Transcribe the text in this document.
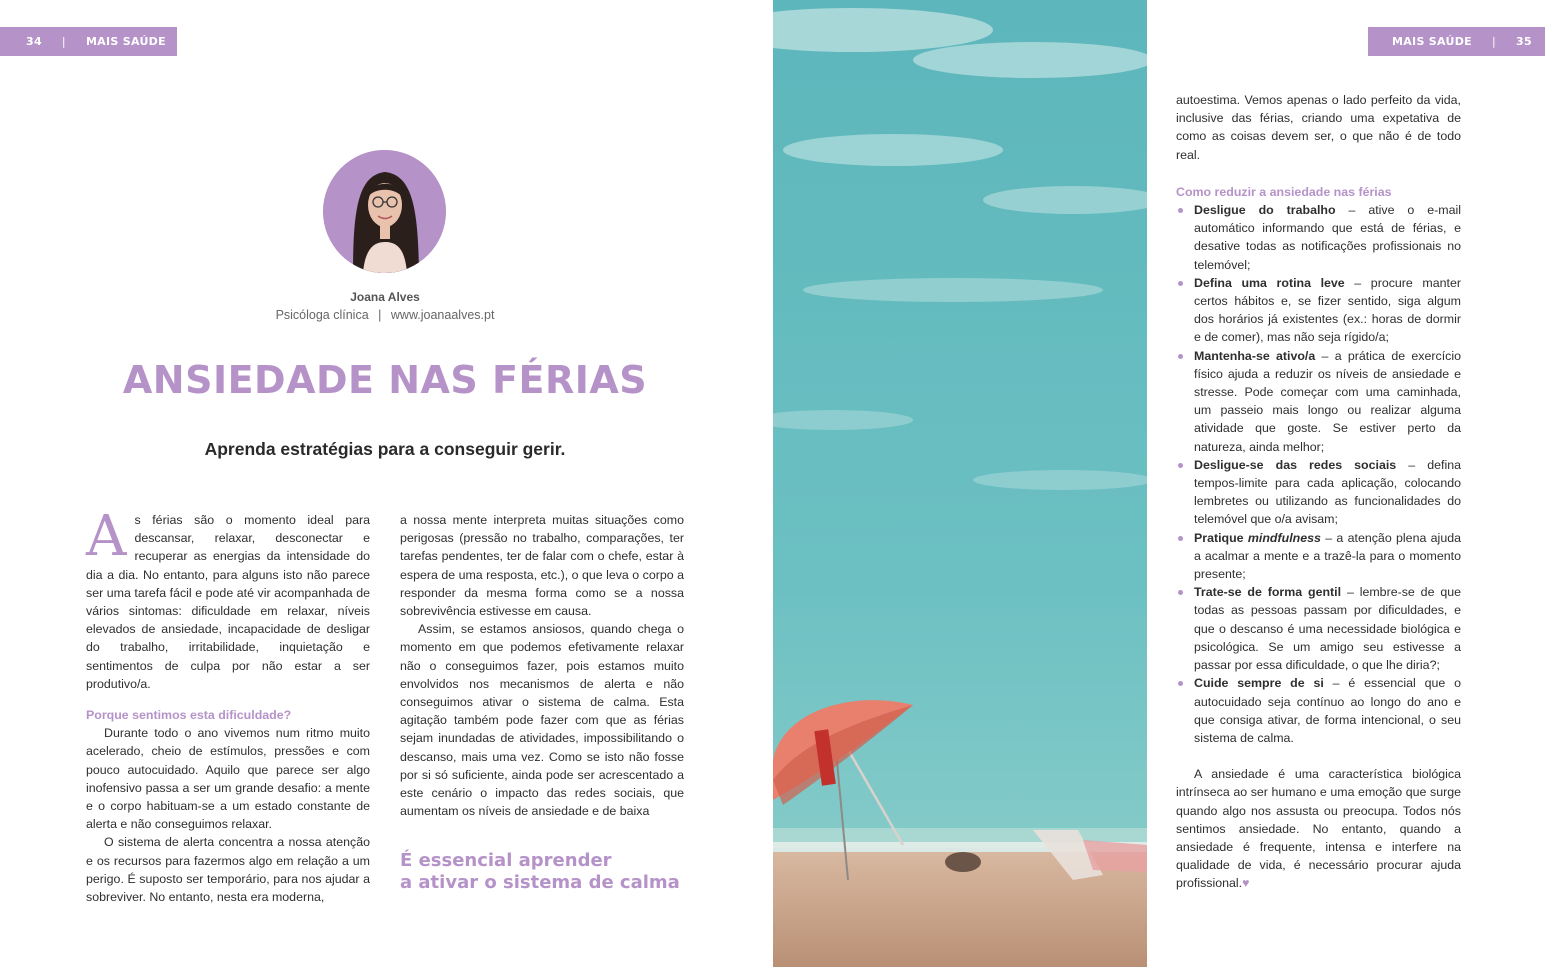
34 | MAIS SAÚDE	MAIS SAÚDE | 35
Joana Alves
Psicóloga clínica | www.joanaalves.pt
ANSIEDADE NAS FÉRIAS
Aprenda estratégias para a conseguir gerir.

As férias são o momento ideal para descansar, relaxar, desconectar e recuperar as energias da intensidade do dia a dia. No entanto, para alguns isto não parece ser uma tarefa fácil e pode até vir acompanhada de vários sintomas: dificuldade em relaxar, níveis elevados de ansiedade, incapacidade de desligar do trabalho, irritabilidade, inquietação e sentimentos de culpa por não estar a ser produtivo/a.

Porque sentimos esta dificuldade?

Durante todo o ano vivemos num ritmo muito acelerado, cheio de estímulos, pressões e com pouco autocuidado. Aquilo que parece ser algo inofensivo passa a ser um grande desafio: a mente e o corpo habituam-se a um estado constante de alerta e não conseguimos relaxar.

O sistema de alerta concentra a nossa atenção e os recursos para fazermos algo em relação a um perigo. É suposto ser temporário, para nos ajudar a sobreviver. No entanto, nesta era moderna,

a nossa mente interpreta muitas situações como perigosas (pressão no trabalho, comparações, ter tarefas pendentes, ter de falar com o chefe, estar à espera de uma resposta, etc.), o que leva o corpo a responder da mesma forma como se a nossa sobrevivência estivesse em causa.

Assim, se estamos ansiosos, quando chega o momento em que podemos efetivamente relaxar não o conseguimos fazer, pois estamos muito envolvidos nos mecanismos de alerta e não conseguimos ativar o sistema de calma. Esta agitação também pode fazer com que as férias sejam inundadas de atividades, impossibilitando o descanso, mais uma vez. Como se isto não fosse por si só suficiente, ainda pode ser acrescentado a este cenário o impacto das redes sociais, que aumentam os níveis de ansiedade e de baixa

É essencial aprender
a ativar o sistema de calma

autoestima. Vemos apenas o lado perfeito da vida, inclusive das férias, criando uma expetativa de como as coisas devem ser, o que não é de todo real.

Como reduzir a ansiedade nas férias
Desligue do trabalho – ative o e-mail automático informando que está de férias, e desative todas as notificações profissionais no telemóvel;
Defina uma rotina leve – procure manter certos hábitos e, se fizer sentido, siga algum dos horários já existentes (ex.: horas de dormir e de comer), mas não seja rígido/a;
Mantenha-se ativo/a – a prática de exercício físico ajuda a reduzir os níveis de ansiedade e stresse. Pode começar com uma caminhada, um passeio mais longo ou realizar alguma atividade que goste. Se estiver perto da natureza, ainda melhor;
Desligue-se das redes sociais – defina tempos-limite para cada aplicação, colocando lembretes ou utilizando as funcionalidades do telemóvel que o/a avisam;
Pratique mindfulness – a atenção plena ajuda a acalmar a mente e a trazê-la para o momento presente;
Trate-se de forma gentil – lembre-se de que todas as pessoas passam por dificuldades, e que o descanso é uma necessidade biológica e psicológica. Se um amigo seu estivesse a passar por essa dificuldade, o que lhe diria?;
Cuide sempre de si – é essencial que o autocuidado seja contínuo ao longo do ano e que consiga ativar, de forma intencional, o seu sistema de calma.

A ansiedade é uma característica biológica intrínseca ao ser humano e uma emoção que surge quando algo nos assusta ou preocupa. Todos nós sentimos ansiedade. No entanto, quando a ansiedade é frequente, intensa e interfere na qualidade de vida, é necessário procurar ajuda profissional.♥
